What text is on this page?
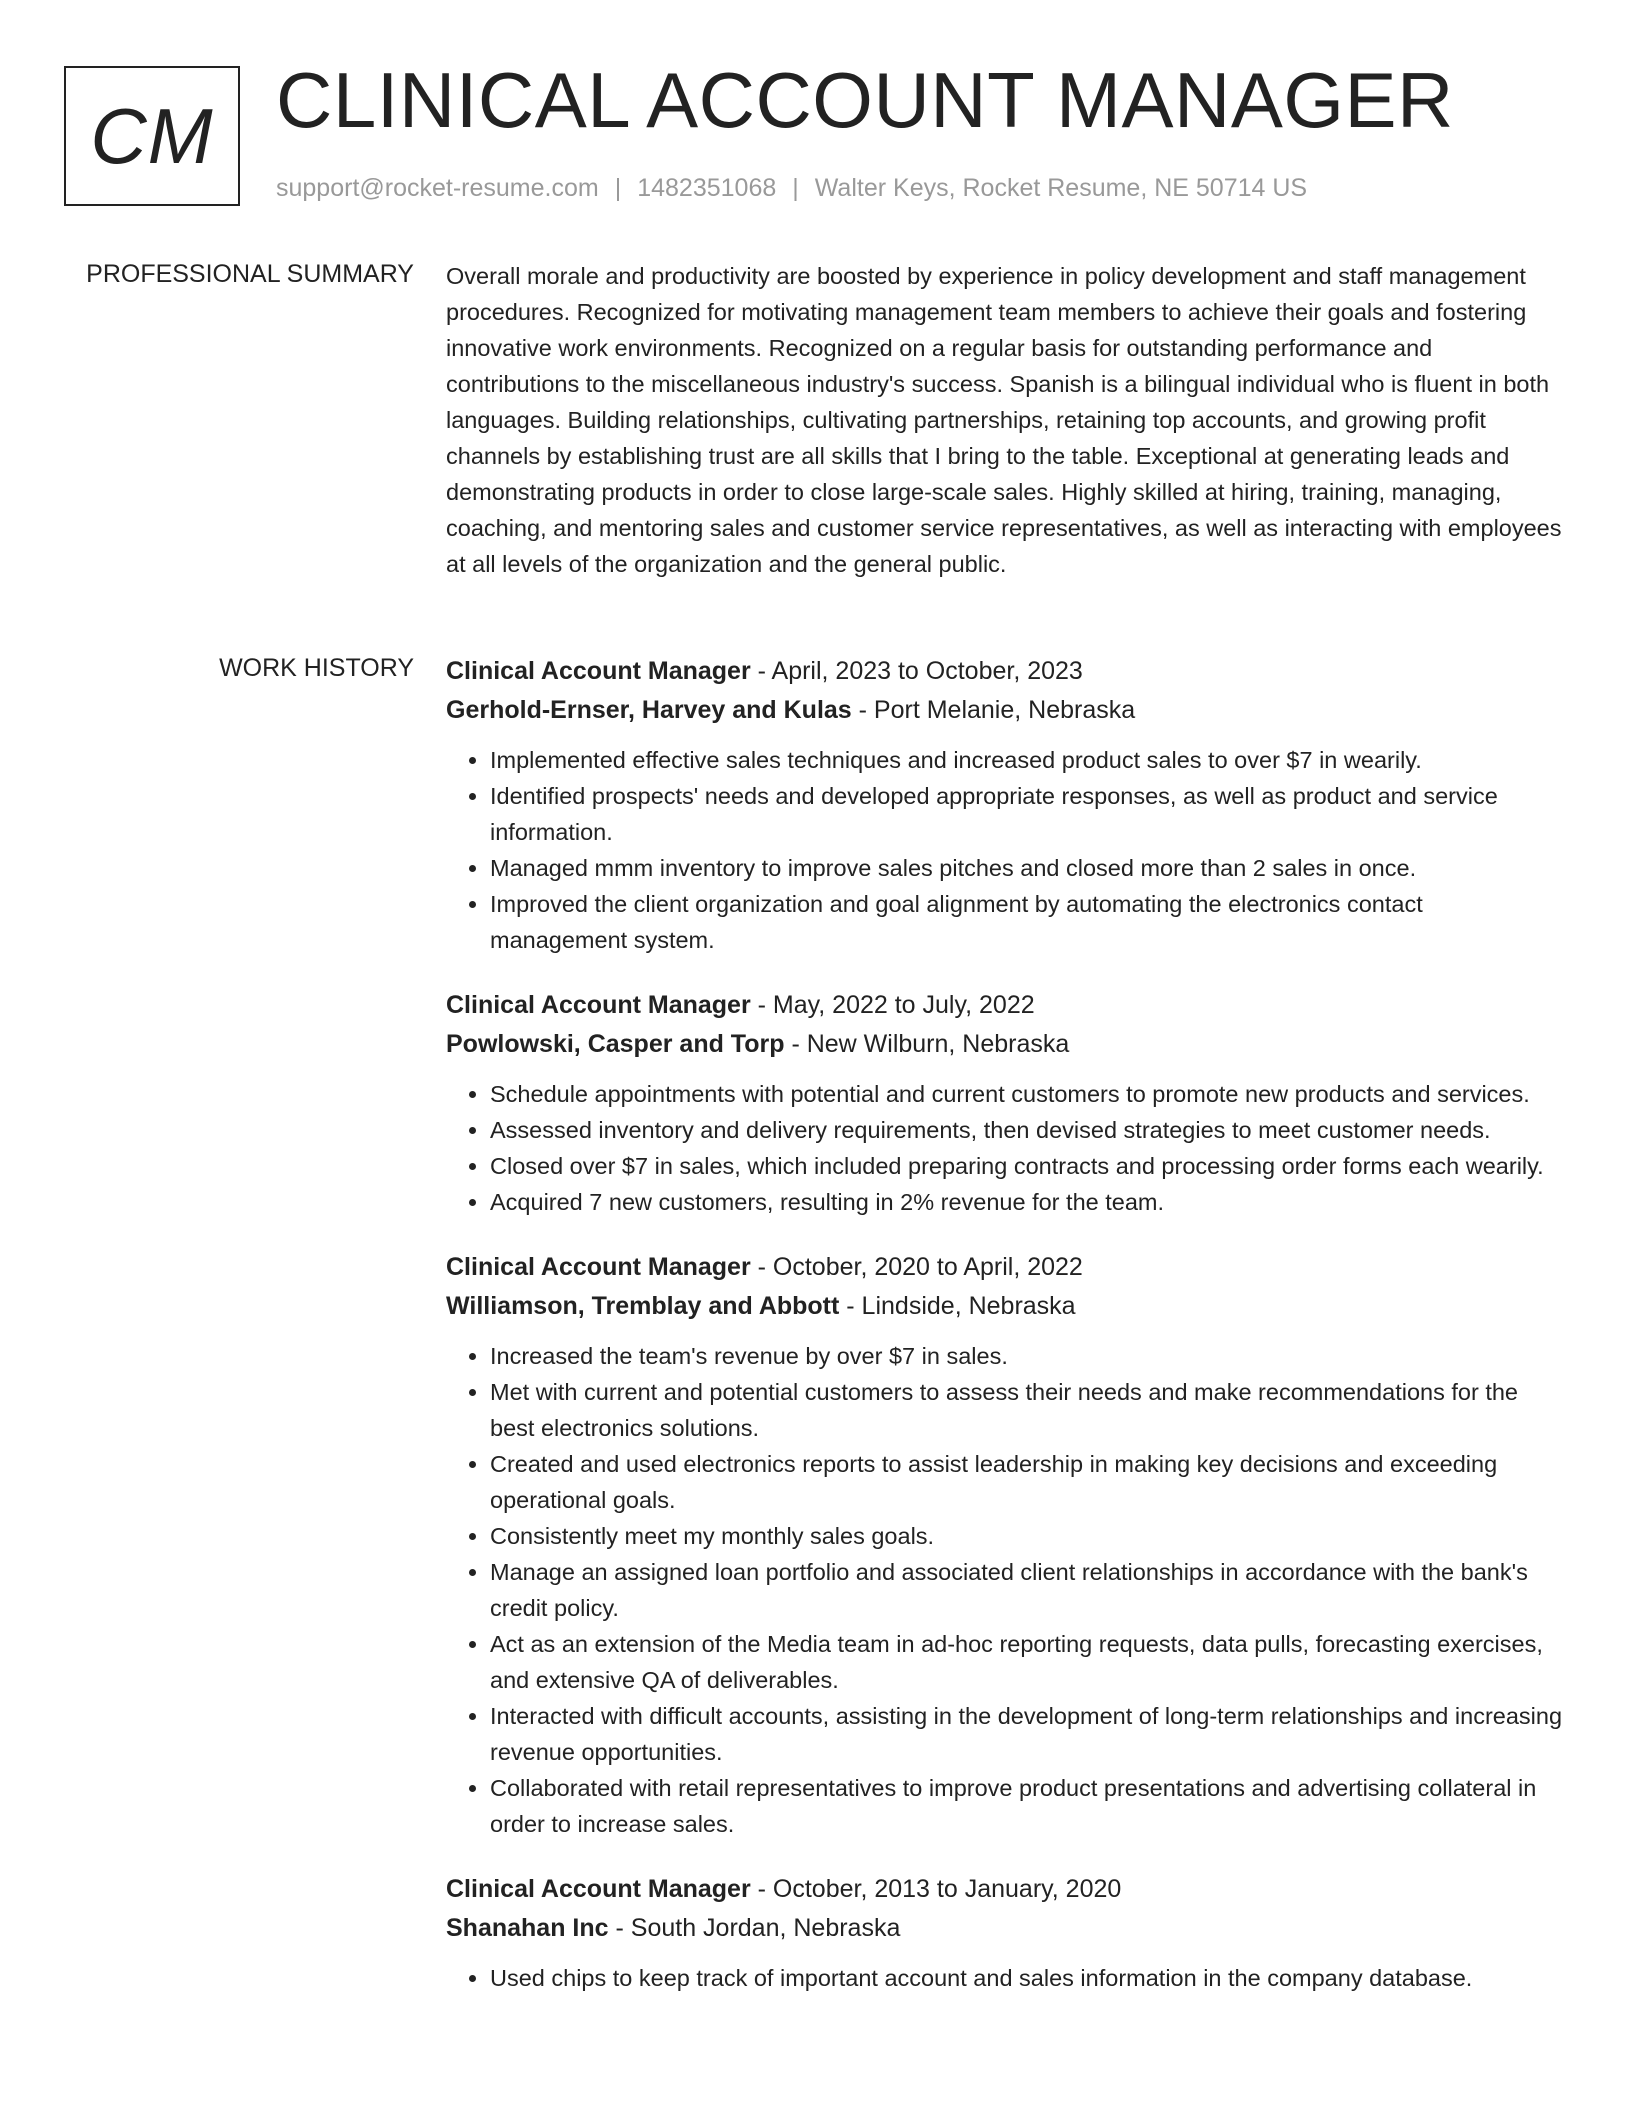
CM CLINICAL ACCOUNT MANAGER
support@rocket-resume.com | 1482351068 | Walter Keys, Rocket Resume, NE 50714 US
PROFESSIONAL SUMMARY Overall morale and productivity are boosted by experience in policy development and staff management procedures. Recognized for motivating management team members to achieve their goals and fostering innovative work environments. Recognized on a regular basis for outstanding performance and contributions to the miscellaneous industry's success. Spanish is a bilingual individual who is fluent in both languages. Building relationships, cultivating partnerships, retaining top accounts, and growing profit channels by establishing trust are all skills that I bring to the table. Exceptional at generating leads and demonstrating products in order to close large-scale sales. Highly skilled at hiring, training, managing, coaching, and mentoring sales and customer service representatives, as well as interacting with employees at all levels of the organization and the general public.
WORK HISTORY Clinical Account Manager - April, 2023 to October, 2023
Gerhold-Ernser, Harvey and Kulas - Port Melanie, Nebraska
• Implemented effective sales techniques and increased product sales to over $7 in wearily.
• Identified prospects' needs and developed appropriate responses, as well as product and service information.
• Managed mmm inventory to improve sales pitches and closed more than 2 sales in once.
• Improved the client organization and goal alignment by automating the electronics contact management system.
Clinical Account Manager - May, 2022 to July, 2022
Powlowski, Casper and Torp - New Wilburn, Nebraska
• Schedule appointments with potential and current customers to promote new products and services.
• Assessed inventory and delivery requirements, then devised strategies to meet customer needs.
• Closed over $7 in sales, which included preparing contracts and processing order forms each wearily.
• Acquired 7 new customers, resulting in 2% revenue for the team.
Clinical Account Manager - October, 2020 to April, 2022
Williamson, Tremblay and Abbott - Lindside, Nebraska
• Increased the team's revenue by over $7 in sales.
• Met with current and potential customers to assess their needs and make recommendations for the best electronics solutions.
• Created and used electronics reports to assist leadership in making key decisions and exceeding operational goals.
• Consistently meet my monthly sales goals.
• Manage an assigned loan portfolio and associated client relationships in accordance with the bank's credit policy.
• Act as an extension of the Media team in ad-hoc reporting requests, data pulls, forecasting exercises, and extensive QA of deliverables.
• Interacted with difficult accounts, assisting in the development of long-term relationships and increasing revenue opportunities.
• Collaborated with retail representatives to improve product presentations and advertising collateral in order to increase sales.
Clinical Account Manager - October, 2013 to January, 2020
Shanahan Inc - South Jordan, Nebraska
• Used chips to keep track of important account and sales information in the company database.
